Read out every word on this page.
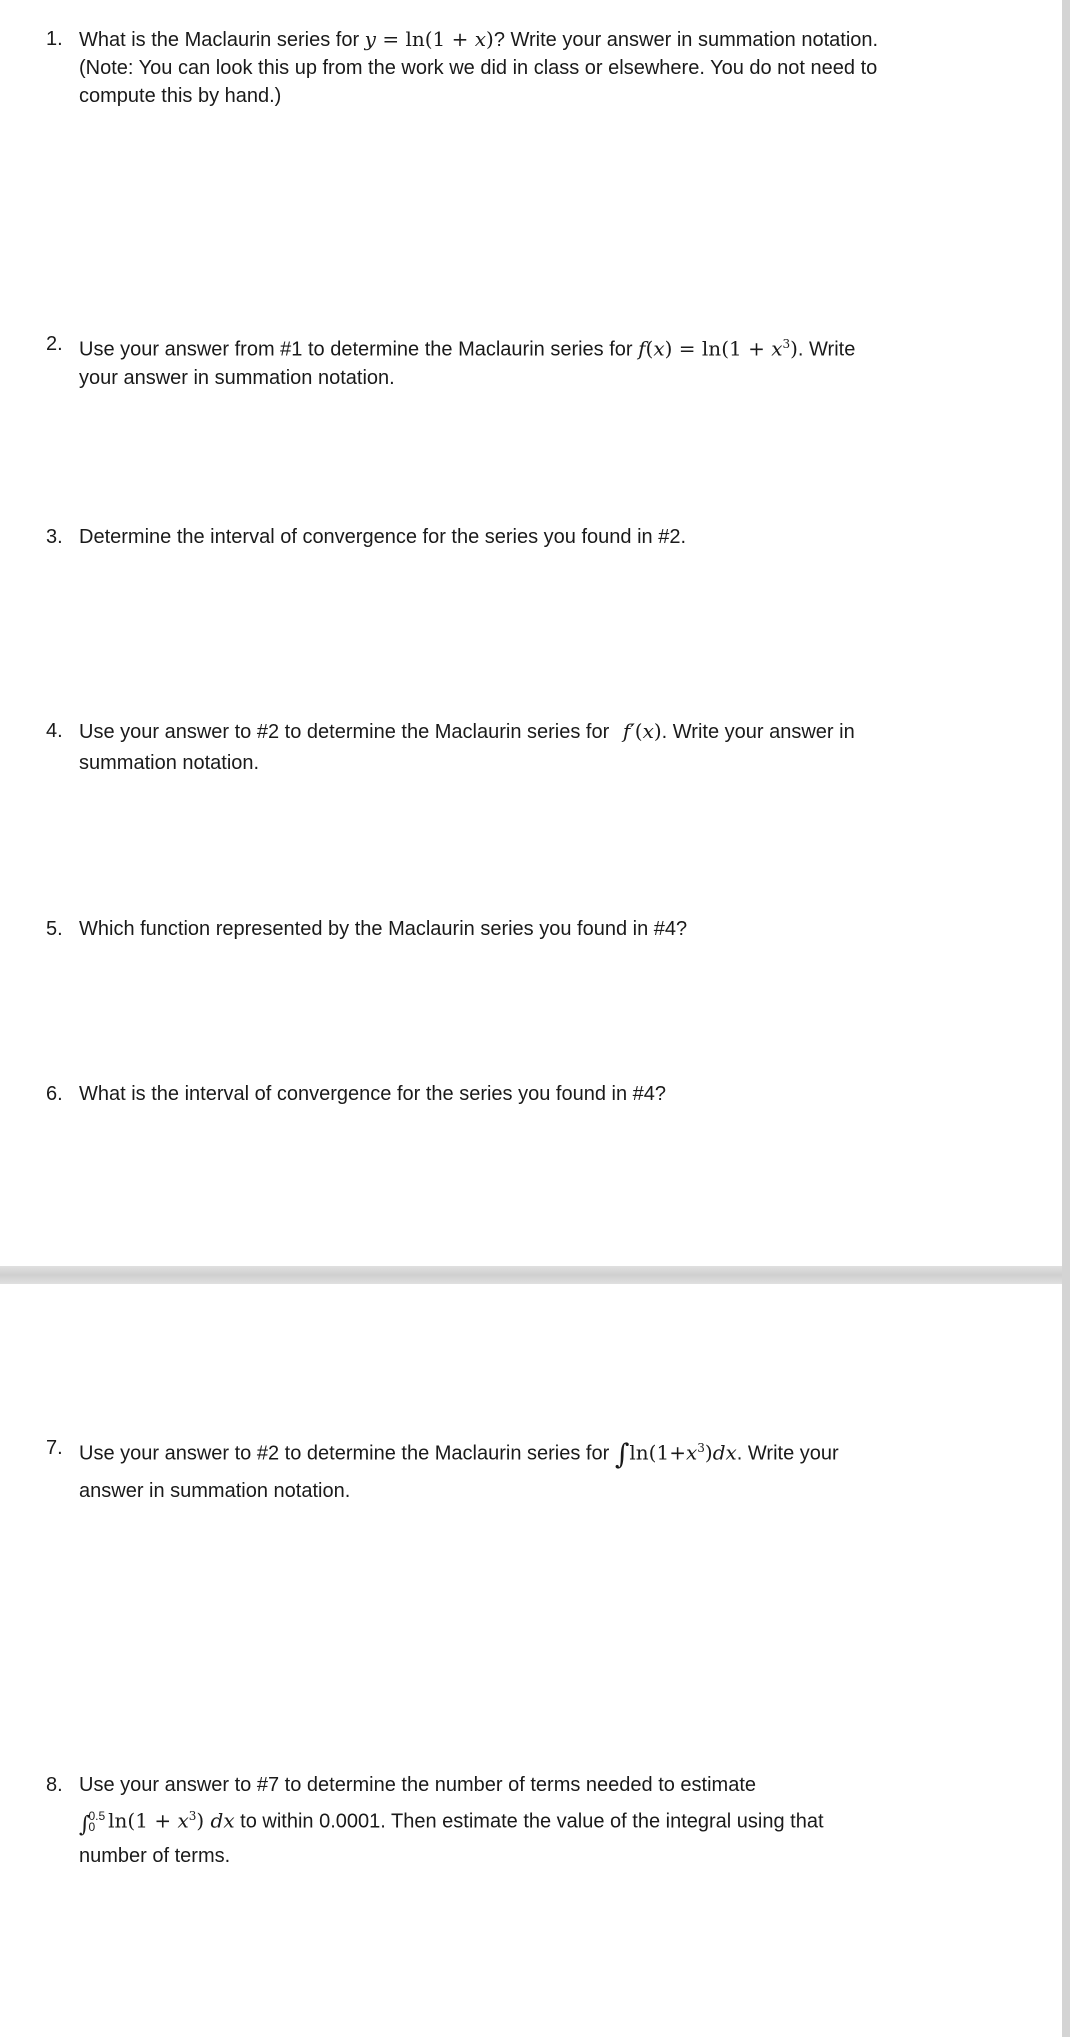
1. What is the Maclaurin series for y = ln(1 + x)? Write your answer in summation notation.
(Note: You can look this up from the work we did in class or elsewhere. You do not need to
compute this by hand.)
2. Use your answer from #1 to determine the Maclaurin series for $f(x) = \ln(1 + x^3)$. Write
your answer in summation notation.
3. Determine the interval of convergence for the series you found in #2.
4. Use your answer to #2 to determine the Maclaurin series for f′(x). Write your answer in
summation notation.
5. Which function represented by the Maclaurin series you found in #4?
6. What is the interval of convergence for the series you found in #4?
7. Use your answer to #2 to determine the Maclaurin series for $\int\ln(1+x^3)dx$. Write your
answer in summation notation.
8. Use your answer to #7 to determine the number of terms needed to estimate
∫
0.5
0 $\ln(1 + x^3)$ dx to within 0.0001. Then estimate the value of the integral using that
number of terms.
